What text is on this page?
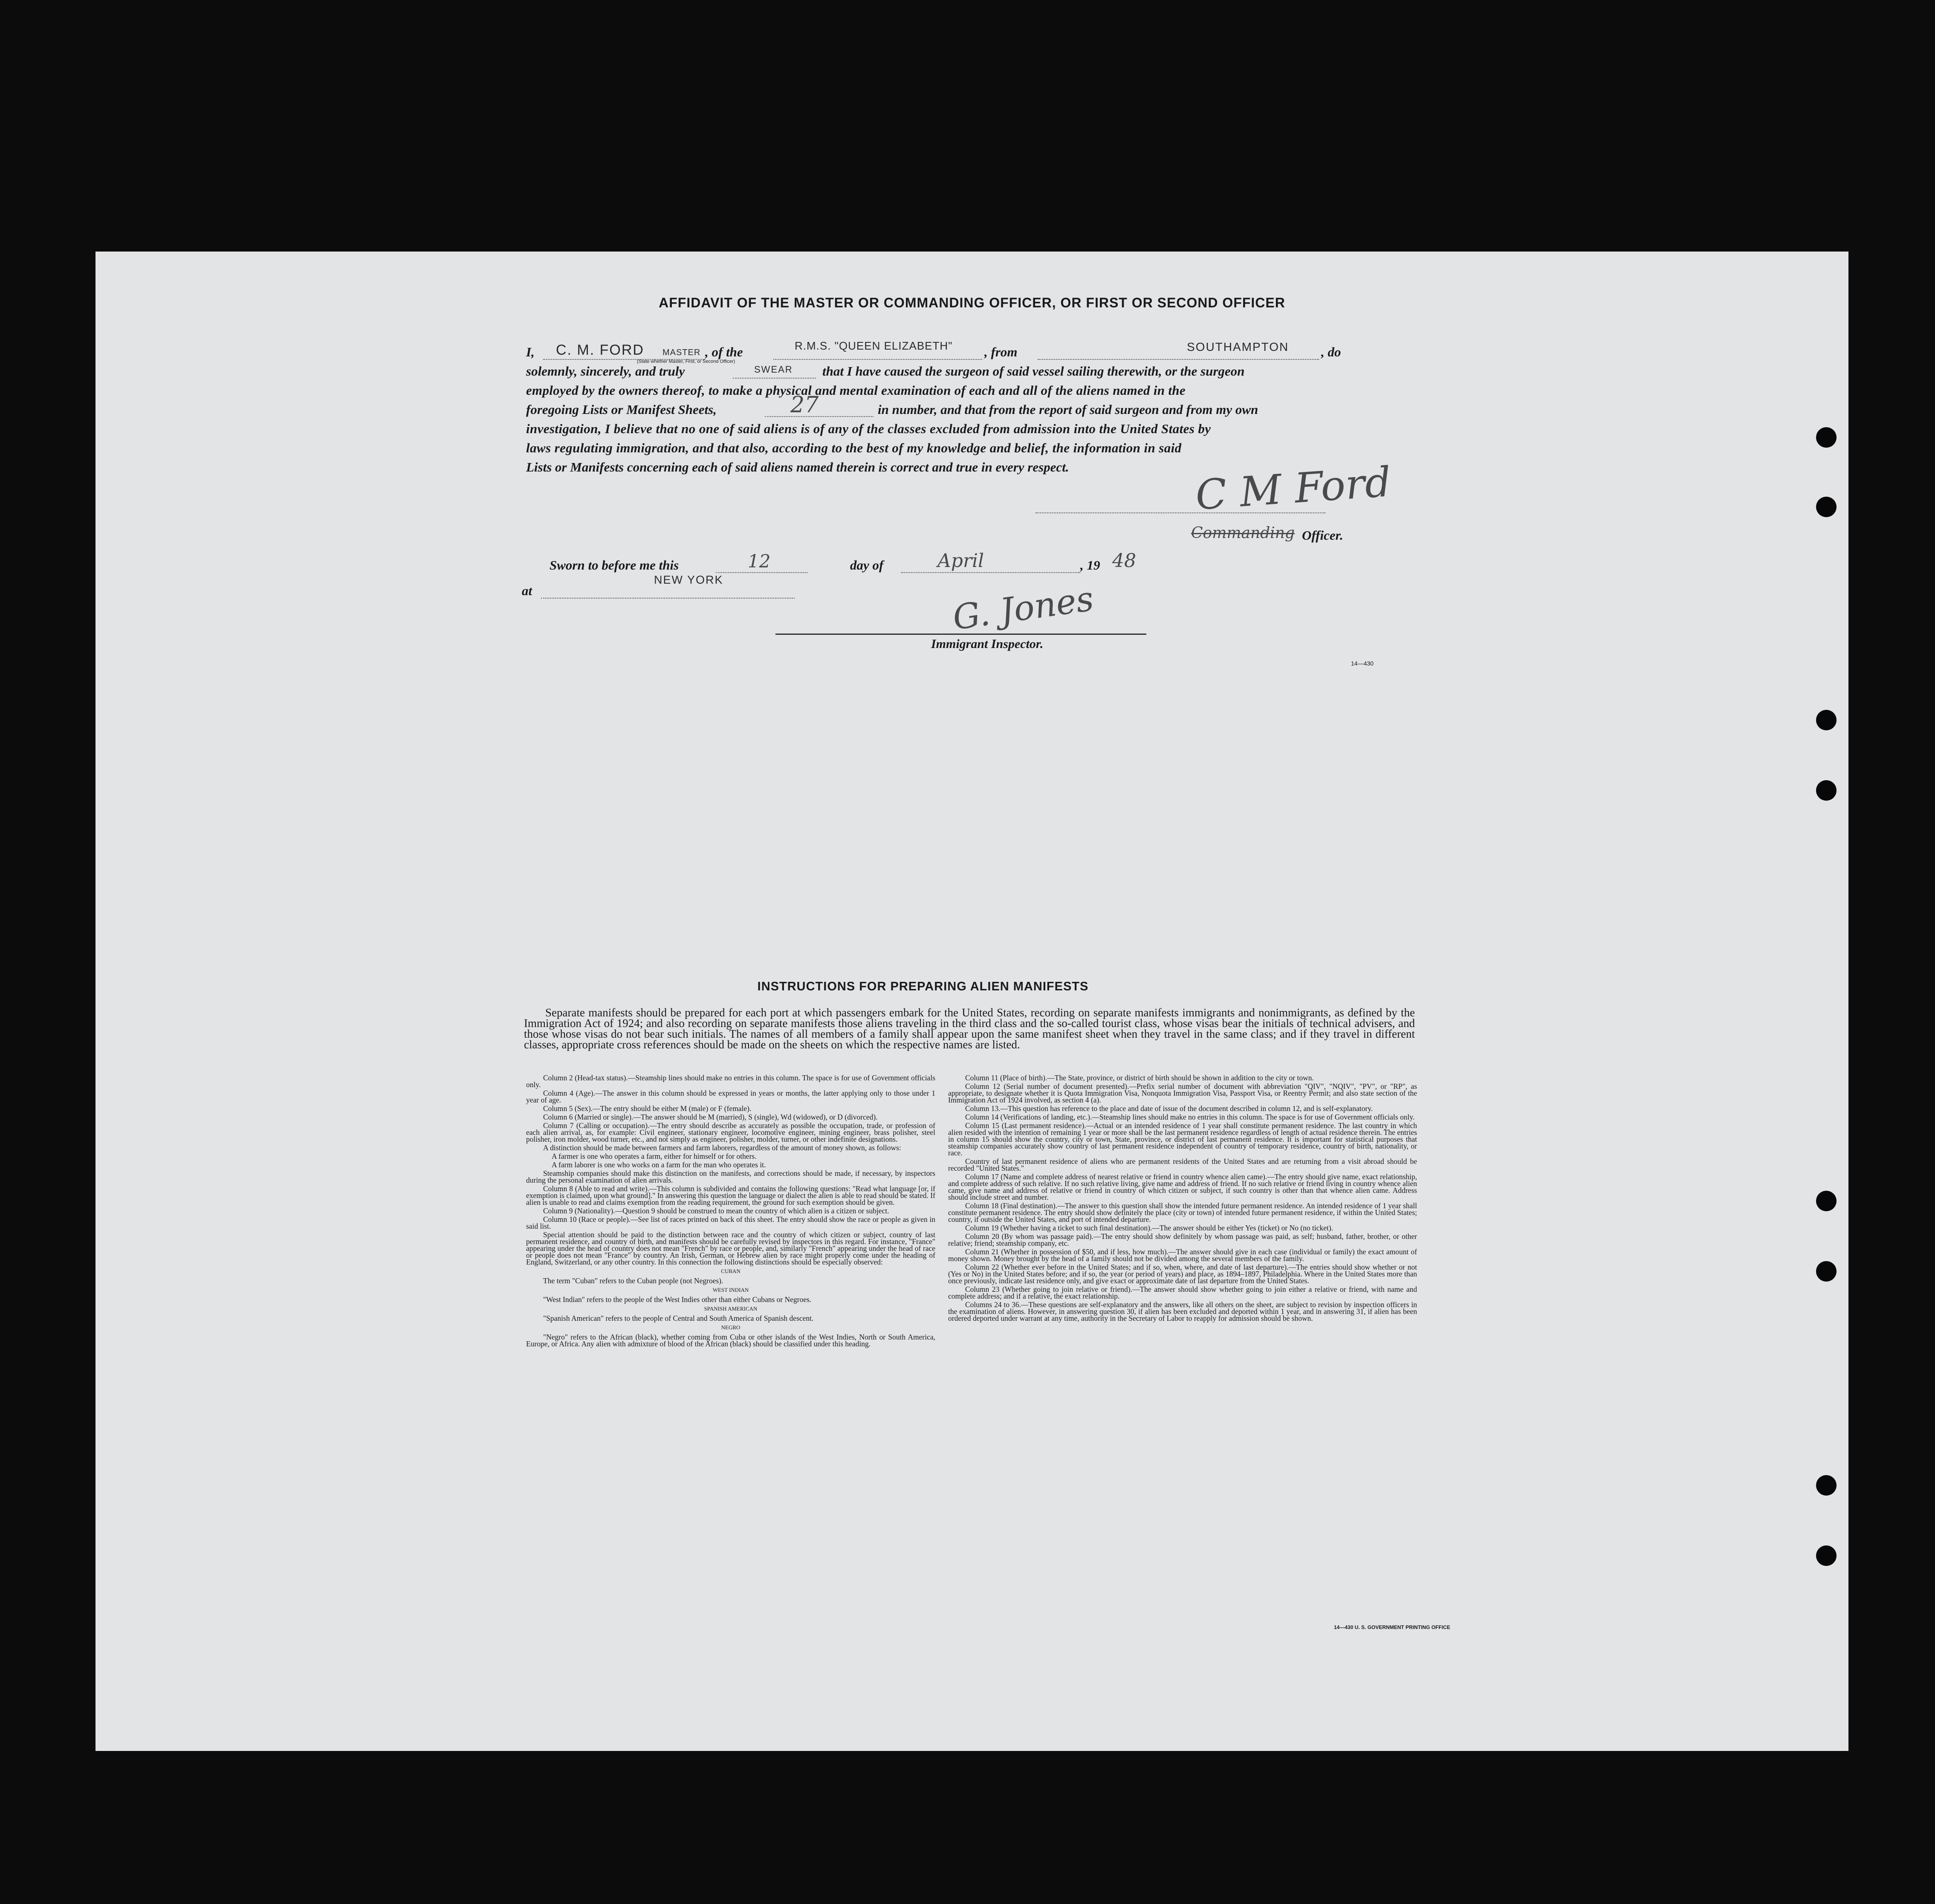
AFFIDAVIT OF THE MASTER OR COMMANDING OFFICER, OR FIRST OR SECOND OFFICER
I, C. M. FORD MASTER
(State whether Master, First, or Second Officer)
, of the	R.M.S. "QUEEN ELIZABETH" , from	SOUTHAMPTON , do
solemnly, sincerely, and truly	SWEAR that I have caused the surgeon of said vessel sailing therewith, or the surgeon
employed by the owners thereof, to make a physical and mental examination of each and all of the aliens named in the
foregoing Lists or Manifest Sheets,	27	in number, and that from the report of said surgeon and from my own
investigation, I believe that no one of said aliens is of any of the classes excluded from admission into the United States by
laws regulating immigration, and that also, according to the best of my knowledge and belief, the information in said
Lists or Manifests concerning each of said aliens named therein is correct and true in every respect.	C M Ford
Commanding Officer.
Sworn to before me this	12	day of	April	, 19 48
at
NEW YORK	G. Jones
Immigrant Inspector.
14—430
INSTRUCTIONS FOR PREPARING ALIEN MANIFESTS
Separate manifests should be prepared for each port at which passengers embark for the United States, recording on separate manifests immigrants and nonimmigrants, as defined by the Immigration Act of 1924; and also recording on separate manifests those aliens traveling in the third class and the so-called tourist class, whose visas bear the initials of technical advisers, and those whose visas do not bear such initials. The names of all members of a family shall appear upon the same manifest sheet when they travel in the same class; and if they travel in different classes, appropriate cross references should be made on the sheets on which the respective names are listed.

Column 2 (Head-tax status).—Steamship lines should make no entries in this column. The space is for use of Government officials only.

Column 4 (Age).—The answer in this column should be expressed in years or months, the latter applying only to those under 1 year of age.

Column 5 (Sex).—The entry should be either M (male) or F (female).

Column 6 (Married or single).—The answer should be M (married), S (single), Wd (widowed), or D (divorced).

Column 7 (Calling or occupation).—The entry should describe as accurately as possible the occupation, trade, or profession of each alien arrival, as, for example: Civil engineer, stationary engineer, locomotive engineer, mining engineer, brass polisher, steel polisher, iron molder, wood turner, etc., and not simply as engineer, polisher, molder, turner, or other indefinite designations.

A distinction should be made between farmers and farm laborers, regardless of the amount of money shown, as follows:

A farmer is one who operates a farm, either for himself or for others.

A farm laborer is one who works on a farm for the man who operates it.

Steamship companies should make this distinction on the manifests, and corrections should be made, if necessary, by inspectors during the personal examination of alien arrivals.

Column 8 (Able to read and write).—This column is subdivided and contains the following questions: "Read what language [or, if exemption is claimed, upon what ground]." In answering this question the language or dialect the alien is able to read should be stated. If alien is unable to read and claims exemption from the reading requirement, the ground for such exemption should be given.

Column 9 (Nationality).—Question 9 should be construed to mean the country of which alien is a citizen or subject.

Column 10 (Race or people).—See list of races printed on back of this sheet. The entry should show the race or people as given in said list.

Special attention should be paid to the distinction between race and the country of which citizen or subject, country of last permanent residence, and country of birth, and manifests should be carefully revised by inspectors in this regard. For instance, "France" appearing under the head of country does not mean "French" by race or people, and, similarly "French" appearing under the head of race or people does not mean "France" by country. An Irish, German, or Hebrew alien by race might properly come under the heading of England, Switzerland, or any other country. In this connection the following distinctions should be especially observed:

CUBAN

The term "Cuban" refers to the Cuban people (not Negroes).

WEST INDIAN

"West Indian" refers to the people of the West Indies other than either Cubans or Negroes.

SPANISH AMERICAN

"Spanish American" refers to the people of Central and South America of Spanish descent.

NEGRO

"Negro" refers to the African (black), whether coming from Cuba or other islands of the West Indies, North or South America, Europe, or Africa. Any alien with admixture of blood of the African (black) should be classified under this heading.

Column 11 (Place of birth).—The State, province, or district of birth should be shown in addition to the city or town.

Column 12 (Serial number of document presented).—Prefix serial number of document with abbreviation "QIV", "NQIV", "PV", or "RP", as appropriate, to designate whether it is Quota Immigration Visa, Nonquota Immigration Visa, Passport Visa, or Reentry Permit; and also state section of the Immigration Act of 1924 involved, as section 4 (a).

Column 13.—This question has reference to the place and date of issue of the document described in column 12, and is self-explanatory.

Column 14 (Verifications of landing, etc.).—Steamship lines should make no entries in this column. The space is for use of Government officials only.

Column 15 (Last permanent residence).—Actual or an intended residence of 1 year shall constitute permanent residence. The last country in which alien resided with the intention of remaining 1 year or more shall be the last permanent residence regardless of length of actual residence therein. The entries in column 15 should show the country, city or town, State, province, or district of last permanent residence. It is important for statistical purposes that steamship companies accurately show country of last permanent residence independent of country of temporary residence, country of birth, nationality, or race.

Country of last permanent residence of aliens who are permanent residents of the United States and are returning from a visit abroad should be recorded "United States."

Column 17 (Name and complete address of nearest relative or friend in country whence alien came).—The entry should give name, exact relationship, and complete address of such relative. If no such relative living, give name and address of friend. If no such relative or friend living in country whence alien came, give name and address of relative or friend in country of which citizen or subject, if such country is other than that whence alien came. Address should include street and number.

Column 18 (Final destination).—The answer to this question shall show the intended future permanent residence. An intended residence of 1 year shall constitute permanent residence. The entry should show definitely the place (city or town) of intended future permanent residence, if within the United States; country, if outside the United States, and port of intended departure.

Column 19 (Whether having a ticket to such final destination).—The answer should be either Yes (ticket) or No (no ticket).

Column 20 (By whom was passage paid).—The entry should show definitely by whom passage was paid, as self; husband, father, brother, or other relative; friend; steamship company, etc.

Column 21 (Whether in possession of $50, and if less, how much).—The answer should give in each case (individual or family) the exact amount of money shown. Money brought by the head of a family should not be divided among the several members of the family.

Column 22 (Whether ever before in the United States; and if so, when, where, and date of last departure).—The entries should show whether or not (Yes or No) in the United States before; and if so, the year (or period of years) and place, as 1894–1897, Philadelphia. Where in the United States more than once previously, indicate last residence only, and give exact or approximate date of last departure from the United States.

Column 23 (Whether going to join relative or friend).—The answer should show whether going to join either a relative or friend, with name and complete address; and if a relative, the exact relationship.

Columns 24 to 36.—These questions are self-explanatory and the answers, like all others on the sheet, are subject to revision by inspection officers in the examination of aliens. However, in answering question 30, if alien has been excluded and deported within 1 year, and in answering 31, if alien has been ordered deported under warrant at any time, authority in the Secretary of Labor to reapply for admission should be shown.

14—430 U. S. GOVERNMENT PRINTING OFFICE
